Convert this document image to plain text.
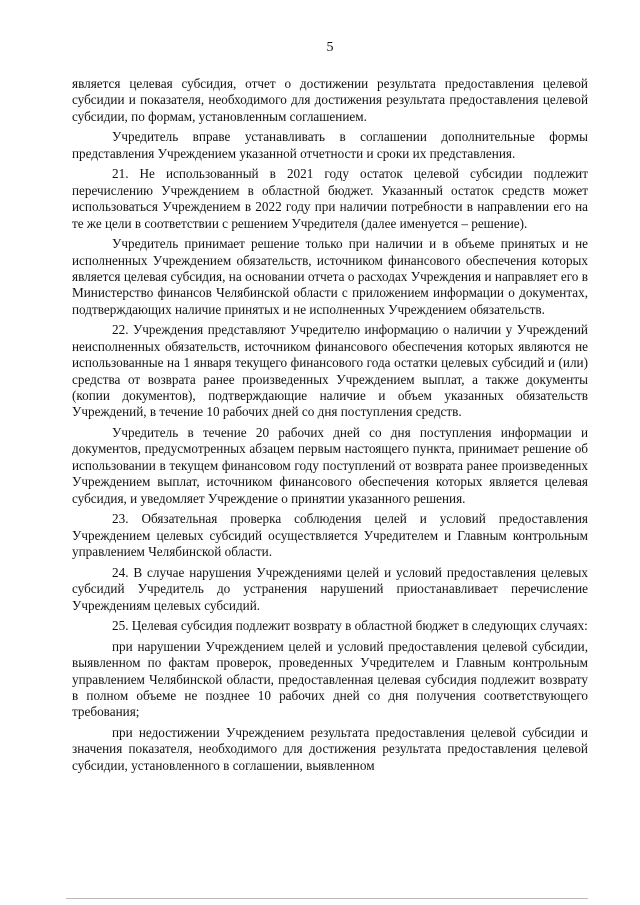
5

является целевая субсидия, отчет о достижении результата предоставления целевой субсидии и показателя, необходимого для достижения результата предоставления целевой субсидии, по формам, установленным соглашением.

Учредитель вправе устанавливать в соглашении дополнительные формы представления Учреждением указанной отчетности и сроки их представления.

21. Не использованный в 2021 году остаток целевой субсидии подлежит перечислению Учреждением в областной бюджет. Указанный остаток средств может использоваться Учреждением в 2022 году при наличии потребности в направлении его на те же цели в соответствии с решением Учредителя (далее именуется – решение).

Учредитель принимает решение только при наличии и в объеме принятых и не исполненных Учреждением обязательств, источником финансового обеспечения которых является целевая субсидия, на основании отчета о расходах Учреждения и направляет его в Министерство финансов Челябинской области с приложением информации о документах, подтверждающих наличие принятых и не исполненных Учреждением обязательств.

22. Учреждения представляют Учредителю информацию о наличии у Учреждений неисполненных обязательств, источником финансового обеспечения которых являются не использованные на 1 января текущего финансового года остатки целевых субсидий и (или) средства от возврата ранее произведенных Учреждением выплат, а также документы (копии документов), подтверждающие наличие и объем указанных обязательств Учреждений, в течение 10 рабочих дней со дня поступления средств.

Учредитель в течение 20 рабочих дней со дня поступления информации и документов, предусмотренных абзацем первым настоящего пункта, принимает решение об использовании в текущем финансовом году поступлений от возврата ранее произведенных Учреждением выплат, источником финансового обеспечения которых является целевая субсидия, и уведомляет Учреждение о принятии указанного решения.

23. Обязательная проверка соблюдения целей и условий предоставления Учреждением целевых субсидий осуществляется Учредителем и Главным контрольным управлением Челябинской области.

24. В случае нарушения Учреждениями целей и условий предоставления целевых субсидий Учредитель до устранения нарушений приостанавливает перечисление Учреждениям целевых субсидий.

25. Целевая субсидия подлежит возврату в областной бюджет в следующих случаях:

при нарушении Учреждением целей и условий предоставления целевой субсидии, выявленном по фактам проверок, проведенных Учредителем и Главным контрольным управлением Челябинской области, предоставленная целевая субсидия подлежит возврату в полном объеме не позднее 10 рабочих дней со дня получения соответствующего требования;

при недостижении Учреждением результата предоставления целевой субсидии и значения показателя, необходимого для достижения результата предоставления целевой субсидии, установленного в соглашении, выявленном
